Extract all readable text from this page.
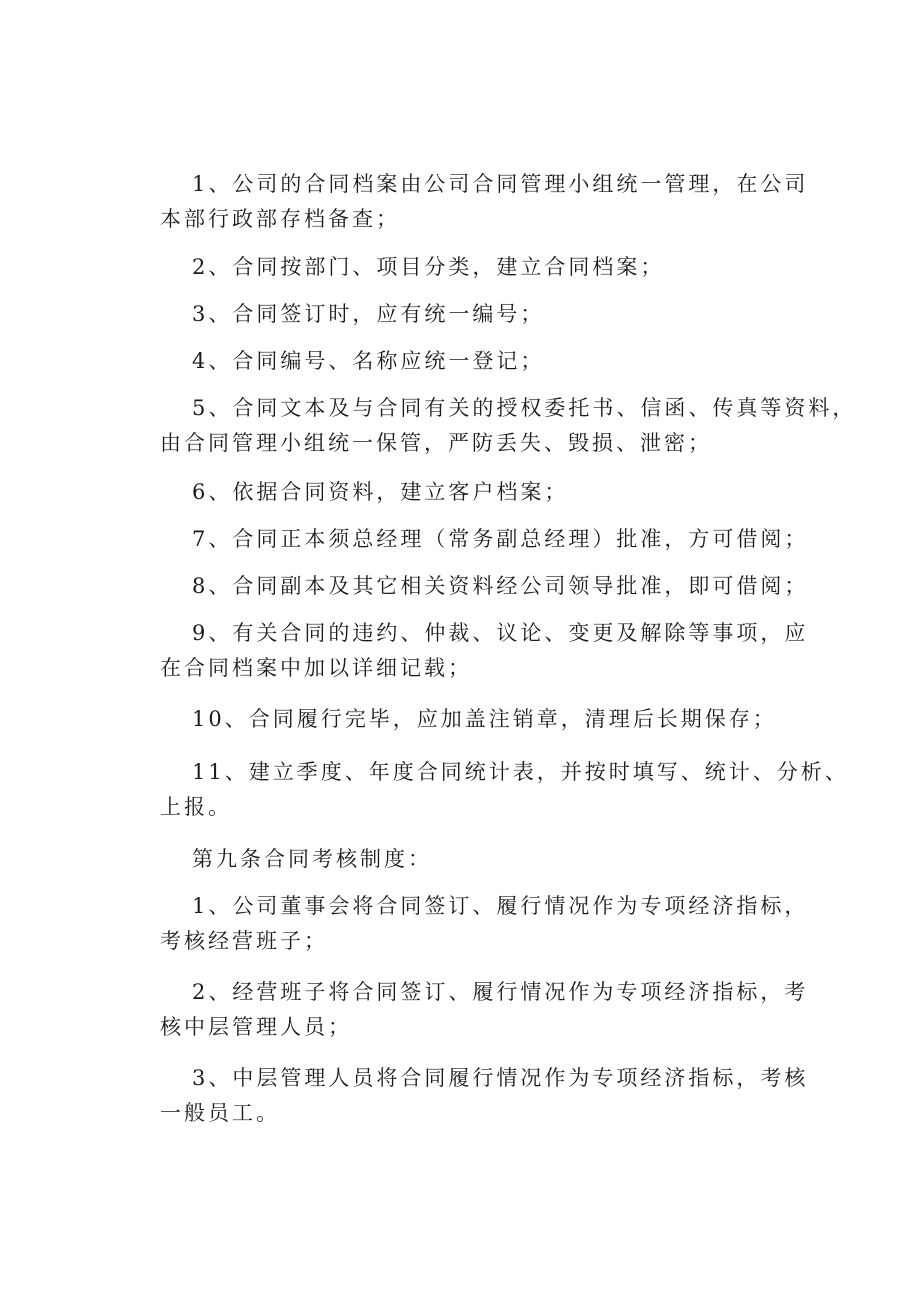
1、公司的合同档案由公司合同管理小组统一管理，在公司
本部行政部存档备查；
2、合同按部门、项目分类，建立合同档案；
3、合同签订时，应有统一编号；
4、合同编号、名称应统一登记；
5、合同文本及与合同有关的授权委托书、信函、传真等资料，
由合同管理小组统一保管，严防丢失、毁损、泄密；
6、依据合同资料，建立客户档案；
7、合同正本须总经理（常务副总经理）批准，方可借阅；
8、合同副本及其它相关资料经公司领导批准，即可借阅；
9、有关合同的违约、仲裁、议论、变更及解除等事项，应
在合同档案中加以详细记载；
10、合同履行完毕，应加盖注销章，清理后长期保存；
11、建立季度、年度合同统计表，并按时填写、统计、分析、
上报。
第九条合同考核制度：
1、公司董事会将合同签订、履行情况作为专项经济指标，
考核经营班子；
2、经营班子将合同签订、履行情况作为专项经济指标，考
核中层管理人员；
3、中层管理人员将合同履行情况作为专项经济指标，考核
一般员工。
